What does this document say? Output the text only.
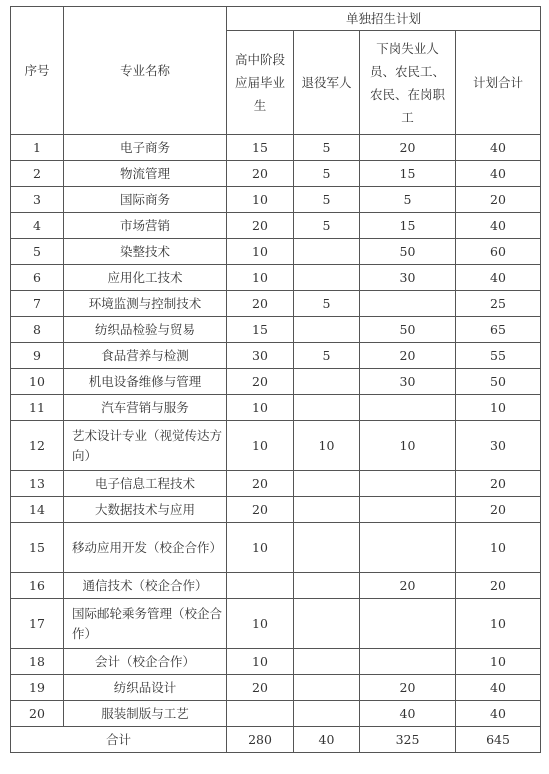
序号	专业名称	单独招生计划			
		高中阶段应届毕业生	退役军人	下岗失业人员、农民工、农民、在岗职工	计划合计
1	电子商务	15	5	20	40
2	物流管理	20	5	15	40
3	国际商务	10	5	5	20
4	市场营销	20	5	15	40
5	染整技术	10		50	60
6	应用化工技术	10		30	40
7	环境监测与控制技术	20	5		25
8	纺织品检验与贸易	15		50	65
9	食品营养与检测	30	5	20	55
10	机电设备维修与管理	20		30	50
11	汽车营销与服务	10			10
12	艺术设计专业（视觉传达方向）	10	10	10	30
13	电子信息工程技术	20			20
14	大数据技术与应用	20			20
15	移动应用开发（校企合作）	10			10
16	通信技术（校企合作）			20	20
17	国际邮轮乘务管理（校企合作）	10			10
18	会计（校企合作）	10			10
19	纺织品设计	20		20	40
20	服装制版与工艺			40	40
合计		280	40	325	645
